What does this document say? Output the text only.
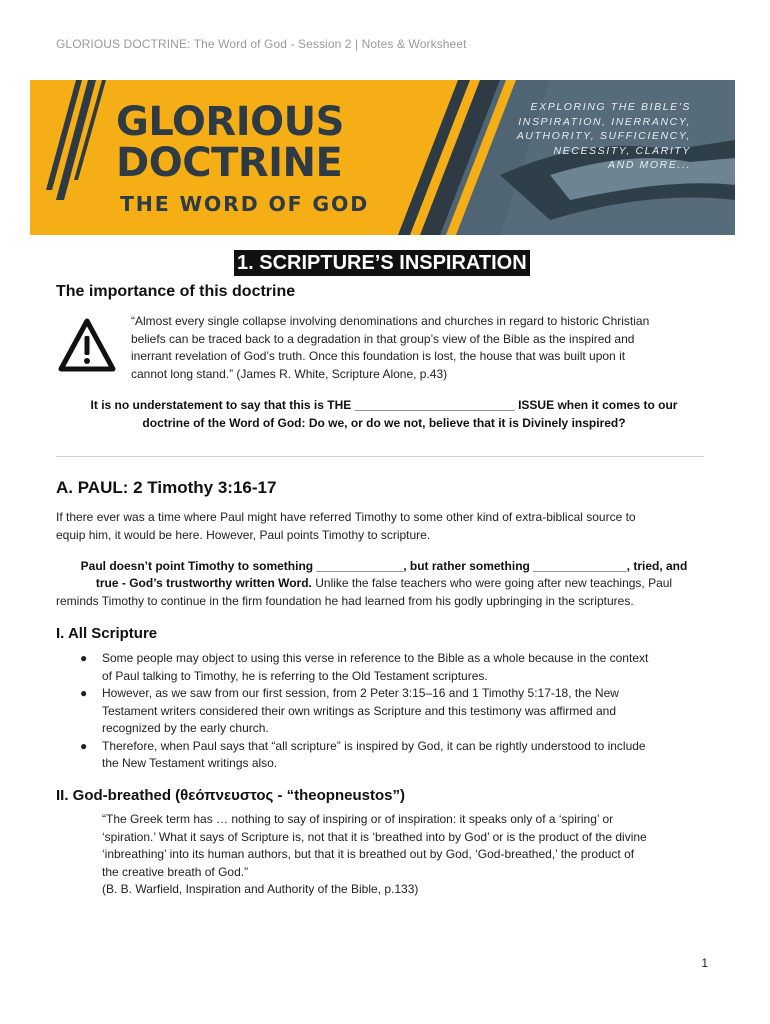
GLORIOUS DOCTRINE: The Word of God - Session 2 | Notes & Worksheet
GLORIOUS
DOCTRINE
THE WORD OF GOD
EXPLORING THE BIBLE'S
INSPIRATION, INERRANCY,
AUTHORITY, SUFFICIENCY,
NECESSITY, CLARITY
AND MORE...
1. SCRIPTURE’S INSPIRATION
The importance of this doctrine
“Almost every single collapse involving denominations and churches in regard to historic Christian
beliefs can be traced back to a degradation in that group’s view of the Bible as the inspired and
inerrant revelation of God’s truth. Once this foundation is lost, the house that was built upon it
cannot long stand.” (James R. White, Scripture Alone, p.43)
It is no understatement to say that this is THE ________________________ ISSUE when it comes to our
doctrine of the Word of God: Do we, or do we not, believe that it is Divinely inspired?
A. PAUL: 2 Timothy 3:16-17
If there ever was a time where Paul might have referred Timothy to some other kind of extra-biblical source to
equip him, it would be here. However, Paul points Timothy to scripture.
Paul doesn’t point Timothy to something _____________, but rather something ______________, tried, and
true - God’s trustworthy written Word. Unlike the false teachers who were going after new teachings, Paul
reminds Timothy to continue in the firm foundation he had learned from his godly upbringing in the scriptures.
I. All Scripture
● Some people may object to using this verse in reference to the Bible as a whole because in the context
of Paul talking to Timothy, he is referring to the Old Testament scriptures.
● However, as we saw from our first session, from 2 Peter 3:15–16 and 1 Timothy 5:17-18, the New
Testament writers considered their own writings as Scripture and this testimony was affirmed and
recognized by the early church.
● Therefore, when Paul says that “all scripture” is inspired by God, it can be rightly understood to include
the New Testament writings also.
II. God-breathed (θεόπνευστος - “theopneustos”)
“The Greek term has … nothing to say of inspiring or of inspiration: it speaks only of a ‘spiring’ or
‘spiration.’ What it says of Scripture is, not that it is ‘breathed into by God’ or is the product of the divine
‘inbreathing’ into its human authors, but that it is breathed out by God, ‘God-breathed,’ the product of
the creative breath of God.”
(B. B. Warfield, Inspiration and Authority of the Bible, p.133)
1
